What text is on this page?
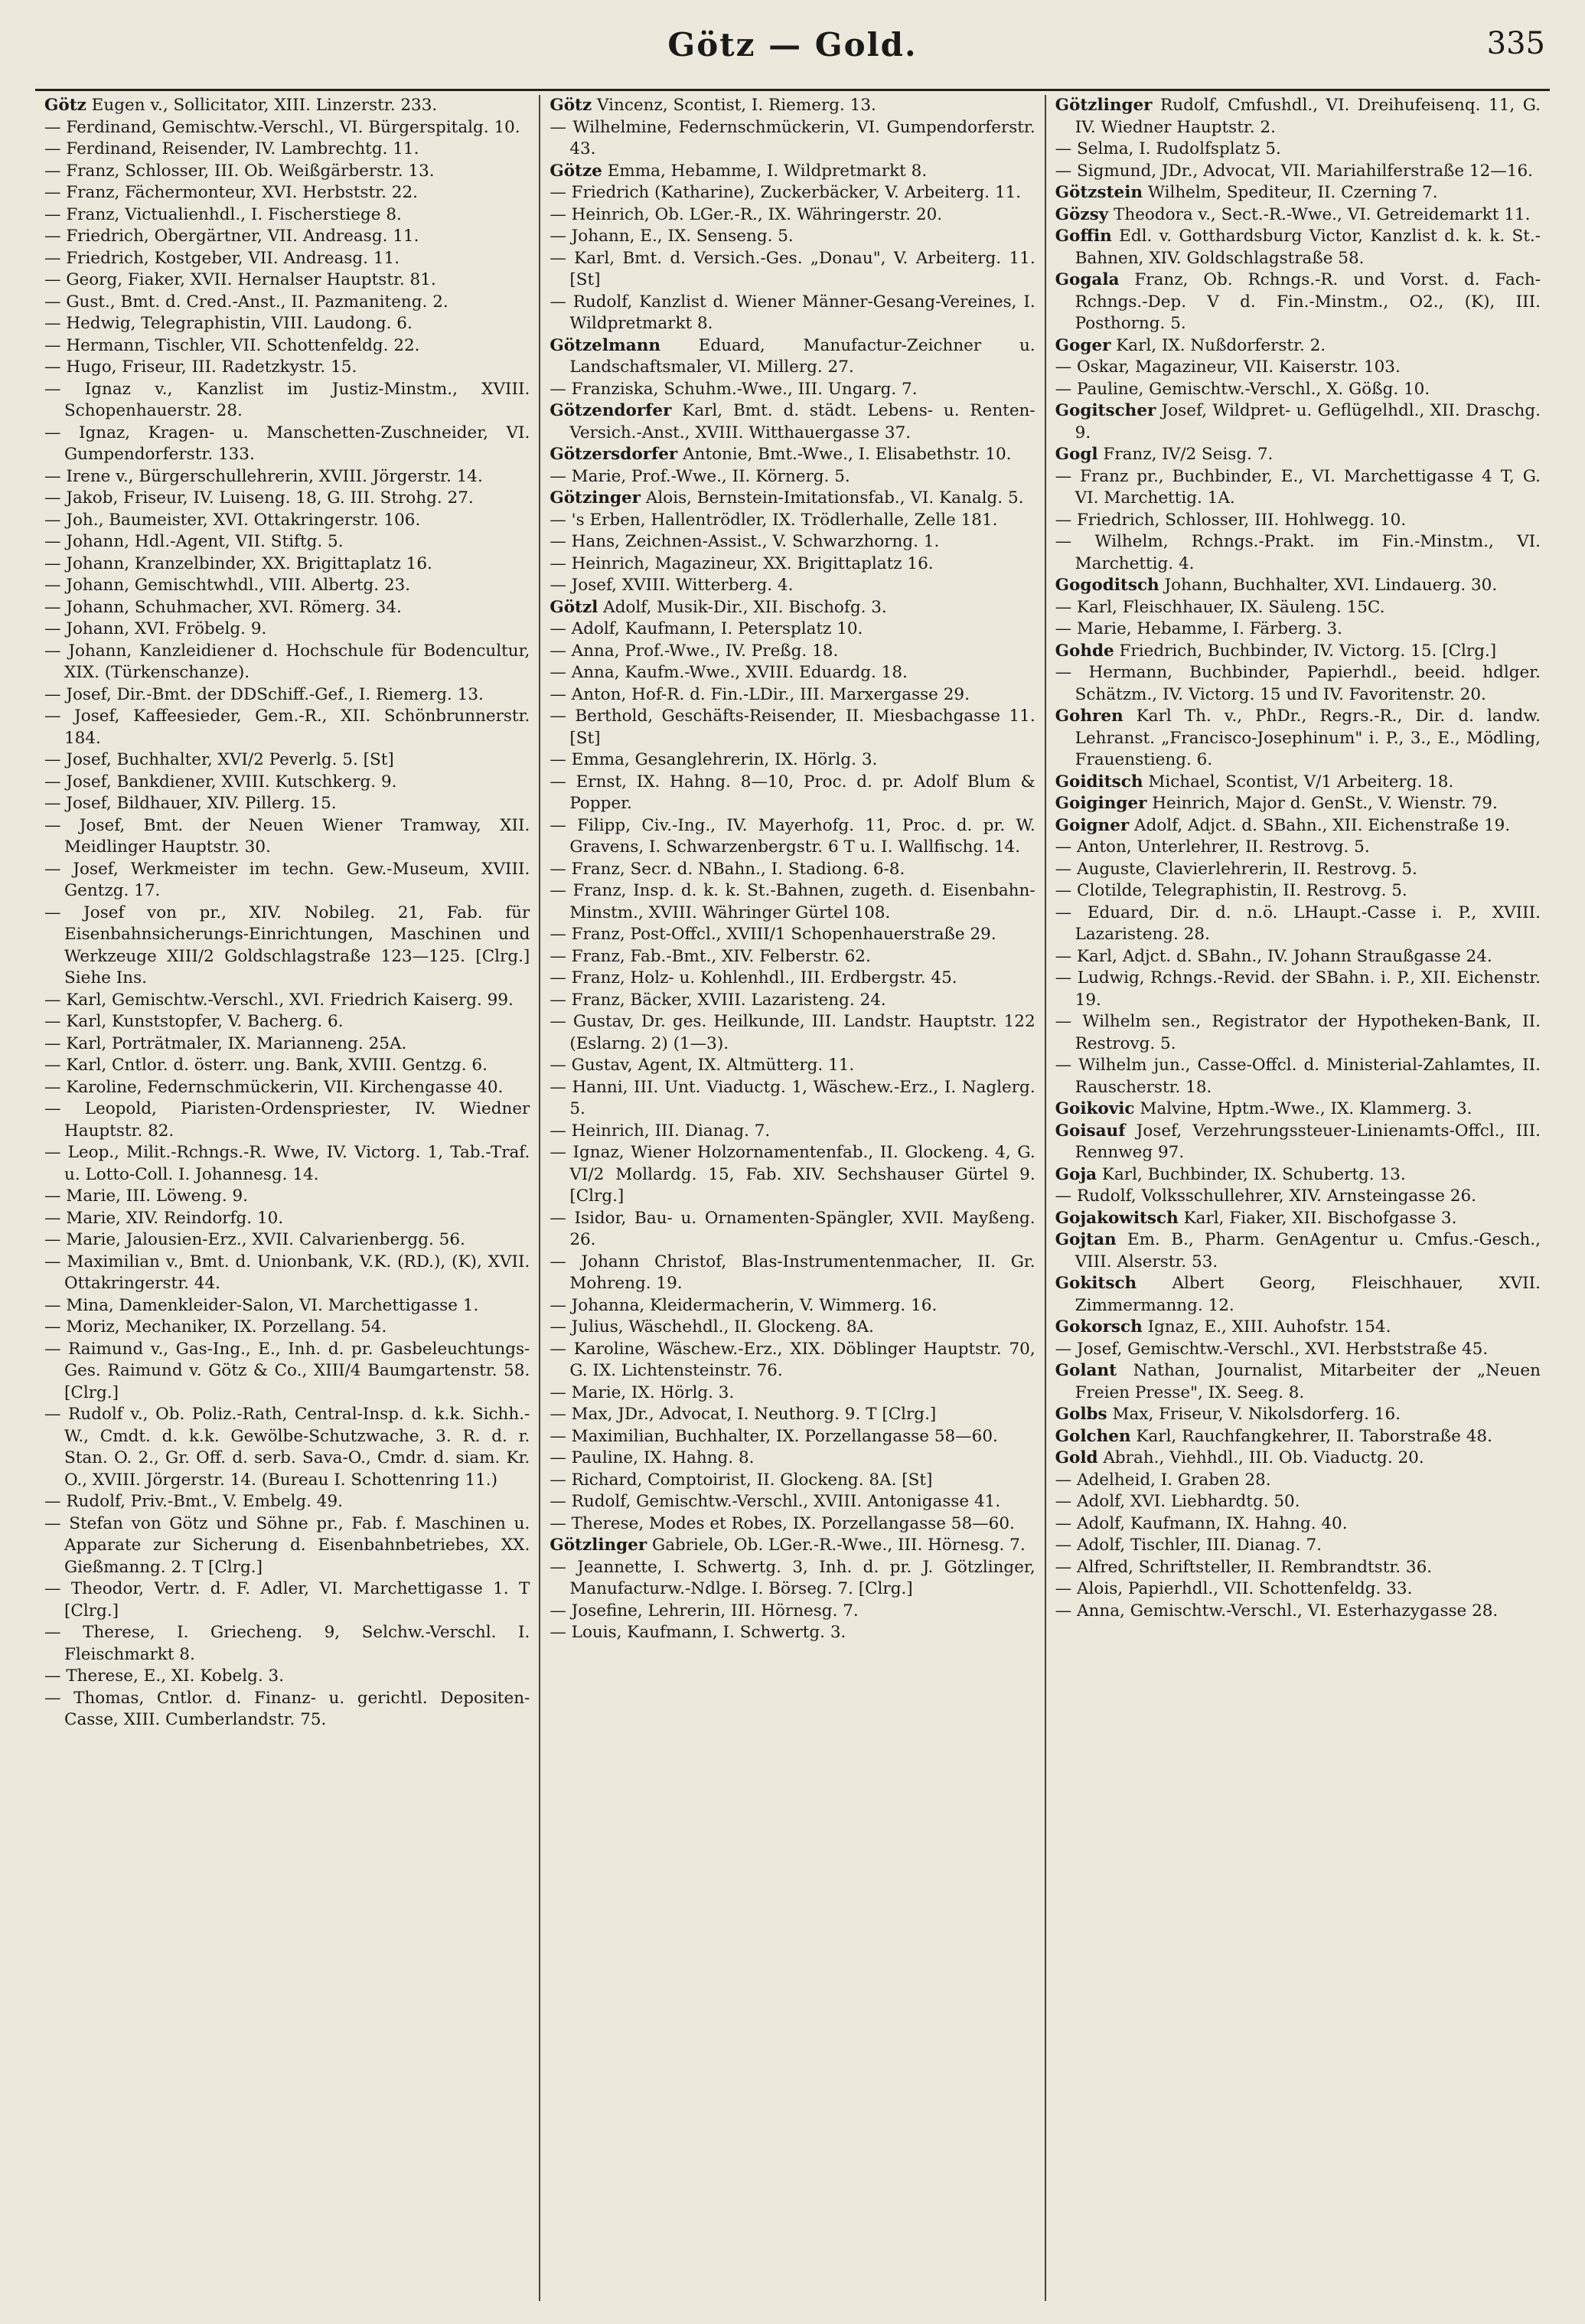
Götz — Gold.	335
Götz Eugen v., Sollicitator, XIII. Linzerstr. 233.
— Ferdinand, Gemischtw.-Verschl., VI. Bürgerspitalg. 10.
— Ferdinand, Reisender, IV. Lambrechtg. 11.
— Franz, Schlosser, III. Ob. Weißgärberstr. 13.
— Franz, Fächermonteur, XVI. Herbststr. 22.
— Franz, Victualienhdl., I. Fischerstiege 8.
— Friedrich, Obergärtner, VII. Andreasg. 11.
— Friedrich, Kostgeber, VII. Andreasg. 11.
— Georg, Fiaker, XVII. Hernalser Hauptstr. 81.
— Gust., Bmt. d. Cred.-Anst., II. Pazmaniteng. 2.
— Hedwig, Telegraphistin, VIII. Laudong. 6.
— Hermann, Tischler, VII. Schottenfeldg. 22.
— Hugo, Friseur, III. Radetzkystr. 15.
— Ignaz v., Kanzlist im Justiz-Minstm., XVIII. Schopenhauerstr. 28.
— Ignaz, Kragen- u. Manschetten-Zuschneider, VI. Gumpendorferstr. 133.
— Irene v., Bürgerschullehrerin, XVIII. Jörgerstr. 14.
— Jakob, Friseur, IV. Luiseng. 18, G. III. Strohg. 27.
— Joh., Baumeister, XVI. Ottakringerstr. 106.
— Johann, Hdl.-Agent, VII. Stiftg. 5.
— Johann, Kranzelbinder, XX. Brigittaplatz 16.
— Johann, Gemischtwhdl., VIII. Albertg. 23.
— Johann, Schuhmacher, XVI. Römerg. 34.
— Johann, XVI. Fröbelg. 9.
— Johann, Kanzleidiener d. Hochschule für Bodencultur, XIX. (Türkenschanze).
— Josef, Dir.-Bmt. der DDSchiff.-Gef., I. Riemerg. 13.
— Josef, Kaffeesieder, Gem.-R., XII. Schönbrunnerstr. 184.
— Josef, Buchhalter, XVI/2 Peverlg. 5. [St]
— Josef, Bankdiener, XVIII. Kutschkerg. 9.
— Josef, Bildhauer, XIV. Pillerg. 15.
— Josef, Bmt. der Neuen Wiener Tramway, XII. Meidlinger Hauptstr. 30.
— Josef, Werkmeister im techn. Gew.-Museum, XVIII. Gentzg. 17.
— Josef von pr., XIV. Nobileg. 21, Fab. für Eisenbahnsicherungs-Einrichtungen, Maschinen und Werkzeuge XIII/2 Goldschlagstraße 123—125. [Clrg.] Siehe Ins.
— Karl, Gemischtw.-Verschl., XVI. Friedrich Kaiserg. 99.
— Karl, Kunststopfer, V. Bacherg. 6.
— Karl, Porträtmaler, IX. Marianneng. 25A.
— Karl, Cntlor. d. österr. ung. Bank, XVIII. Gentzg. 6.
— Karoline, Federnschmückerin, VII. Kirchengasse 40.
— Leopold, Piaristen-Ordenspriester, IV. Wiedner Hauptstr. 82.
— Leop., Milit.-Rchngs.-R. Wwe, IV. Victorg. 1, Tab.-Traf. u. Lotto-Coll. I. Johannesg. 14.
— Marie, III. Löweng. 9.
— Marie, XIV. Reindorfg. 10.
— Marie, Jalousien-Erz., XVII. Calvarienbergg. 56.
— Maximilian v., Bmt. d. Unionbank, V.K. (RD.), (K), XVII. Ottakringerstr. 44.
— Mina, Damenkleider-Salon, VI. Marchettigasse 1.
— Moriz, Mechaniker, IX. Porzellang. 54.
— Raimund v., Gas-Ing., E., Inh. d. pr. Gasbeleuchtungs-Ges. Raimund v. Götz & Co., XIII/4 Baumgartenstr. 58. [Clrg.]
— Rudolf v., Ob. Poliz.-Rath, Central-Insp. d. k.k. Sichh.-W., Cmdt. d. k.k. Gewölbe-Schutzwache, 3. R. d. r. Stan. O. 2., Gr. Off. d. serb. Sava-O., Cmdr. d. siam. Kr. O., XVIII. Jörgerstr. 14. (Bureau I. Schottenring 11.)
— Rudolf, Priv.-Bmt., V. Embelg. 49.
— Stefan von Götz und Söhne pr., Fab. f. Maschinen u. Apparate zur Sicherung d. Eisenbahnbetriebes, XX. Gießmanng. 2. T [Clrg.]
— Theodor, Vertr. d. F. Adler, VI. Marchettigasse 1. T [Clrg.]
— Therese, I. Griecheng. 9, Selchw.-Verschl. I. Fleischmarkt 8.
— Therese, E., XI. Kobelg. 3.
— Thomas, Cntlor. d. Finanz- u. gerichtl. Depositen-Casse, XIII. Cumberlandstr. 75.
Götz Vincenz, Scontist, I. Riemerg. 13.
— Wilhelmine, Federnschmückerin, VI. Gumpendorferstr. 43.
Götze Emma, Hebamme, I. Wildpretmarkt 8.
— Friedrich (Katharine), Zuckerbäcker, V. Arbeiterg. 11.
— Heinrich, Ob. LGer.-R., IX. Währingerstr. 20.
— Johann, E., IX. Senseng. 5.
— Karl, Bmt. d. Versich.-Ges. „Donau", V. Arbeiterg. 11. [St]
— Rudolf, Kanzlist d. Wiener Männer-Gesang-Vereines, I. Wildpretmarkt 8.
Götzelmann Eduard, Manufactur-Zeichner u. Landschaftsmaler, VI. Millerg. 27.
— Franziska, Schuhm.-Wwe., III. Ungarg. 7.
Götzendorfer Karl, Bmt. d. städt. Lebens- u. Renten-Versich.-Anst., XVIII. Witthauergasse 37.
Götzersdorfer Antonie, Bmt.-Wwe., I. Elisabethstr. 10.
— Marie, Prof.-Wwe., II. Körnerg. 5.
Götzinger Alois, Bernstein-Imitationsfab., VI. Kanalg. 5.
— 's Erben, Hallentrödler, IX. Trödlerhalle, Zelle 181.
— Hans, Zeichnen-Assist., V. Schwarzhorng. 1.
— Heinrich, Magazineur, XX. Brigittaplatz 16.
— Josef, XVIII. Witterberg. 4.
Götzl Adolf, Musik-Dir., XII. Bischofg. 3.
— Adolf, Kaufmann, I. Petersplatz 10.
— Anna, Prof.-Wwe., IV. Preßg. 18.
— Anna, Kaufm.-Wwe., XVIII. Eduardg. 18.
— Anton, Hof-R. d. Fin.-LDir., III. Marxergasse 29.
— Berthold, Geschäfts-Reisender, II. Miesbachgasse 11. [St]
— Emma, Gesanglehrerin, IX. Hörlg. 3.
— Ernst, IX. Hahng. 8—10, Proc. d. pr. Adolf Blum & Popper.
— Filipp, Civ.-Ing., IV. Mayerhofg. 11, Proc. d. pr. W. Gravens, I. Schwarzenbergstr. 6 T u. I. Wallfischg. 14.
— Franz, Secr. d. NBahn., I. Stadiong. 6-8.
— Franz, Insp. d. k. k. St.-Bahnen, zugeth. d. Eisenbahn-Minstm., XVIII. Währinger Gürtel 108.
— Franz, Post-Offcl., XVIII/1 Schopenhauerstraße 29.
— Franz, Fab.-Bmt., XIV. Felberstr. 62.
— Franz, Holz- u. Kohlenhdl., III. Erdbergstr. 45.
— Franz, Bäcker, XVIII. Lazaristeng. 24.
— Gustav, Dr. ges. Heilkunde, III. Landstr. Hauptstr. 122 (Eslarng. 2) (1—3).
— Gustav, Agent, IX. Altmütterg. 11.
— Hanni, III. Unt. Viaductg. 1, Wäschew.-Erz., I. Naglerg. 5.
— Heinrich, III. Dianag. 7.
— Ignaz, Wiener Holzornamentenfab., II. Glockeng. 4, G. VI/2 Mollardg. 15, Fab. XIV. Sechshauser Gürtel 9. [Clrg.]
— Isidor, Bau- u. Ornamenten-Spängler, XVII. Mayßeng. 26.
— Johann Christof, Blas-Instrumentenmacher, II. Gr. Mohreng. 19.
— Johanna, Kleidermacherin, V. Wimmerg. 16.
— Julius, Wäschehdl., II. Glockeng. 8A.
— Karoline, Wäschew.-Erz., XIX. Döblinger Hauptstr. 70, G. IX. Lichtensteinstr. 76.
— Marie, IX. Hörlg. 3.
— Max, JDr., Advocat, I. Neuthorg. 9. T [Clrg.]
— Maximilian, Buchhalter, IX. Porzellangasse 58—60.
— Pauline, IX. Hahng. 8.
— Richard, Comptoirist, II. Glockeng. 8A. [St]
— Rudolf, Gemischtw.-Verschl., XVIII. Antonigasse 41.
— Therese, Modes et Robes, IX. Porzellangasse 58—60.
Götzlinger Gabriele, Ob. LGer.-R.-Wwe., III. Hörnesg. 7.
— Jeannette, I. Schwertg. 3, Inh. d. pr. J. Götzlinger, Manufacturw.-Ndlge. I. Börseg. 7. [Clrg.]
— Josefine, Lehrerin, III. Hörnesg. 7.
— Louis, Kaufmann, I. Schwertg. 3.
Götzlinger Rudolf, Cmfushdl., VI. Dreihufeisenq. 11, G. IV. Wiedner Hauptstr. 2.
— Selma, I. Rudolfsplatz 5.
— Sigmund, JDr., Advocat, VII. Mariahilferstraße 12—16.
Götzstein Wilhelm, Spediteur, II. Czerning 7.
Gözsy Theodora v., Sect.-R.-Wwe., VI. Getreidemarkt 11.
Goffin Edl. v. Gotthardsburg Victor, Kanzlist d. k. k. St.-Bahnen, XIV. Goldschlagstraße 58.
Gogala Franz, Ob. Rchngs.-R. und Vorst. d. Fach-Rchngs.-Dep. V d. Fin.-Minstm., O2., (K), III. Posthorng. 5.
Goger Karl, IX. Nußdorferstr. 2.
— Oskar, Magazineur, VII. Kaiserstr. 103.
— Pauline, Gemischtw.-Verschl., X. Gößg. 10.
Gogitscher Josef, Wildpret- u. Geflügelhdl., XII. Draschg. 9.
Gogl Franz, IV/2 Seisg. 7.
— Franz pr., Buchbinder, E., VI. Marchettigasse 4 T, G. VI. Marchettig. 1A.
— Friedrich, Schlosser, III. Hohlwegg. 10.
— Wilhelm, Rchngs.-Prakt. im Fin.-Minstm., VI. Marchettig. 4.
Gogoditsch Johann, Buchhalter, XVI. Lindauerg. 30.
— Karl, Fleischhauer, IX. Säuleng. 15C.
— Marie, Hebamme, I. Färberg. 3.
Gohde Friedrich, Buchbinder, IV. Victorg. 15. [Clrg.]
— Hermann, Buchbinder, Papierhdl., beeid. hdlger. Schätzm., IV. Victorg. 15 und IV. Favoritenstr. 20.
Gohren Karl Th. v., PhDr., Regrs.-R., Dir. d. landw. Lehranst. „Francisco-Josephinum" i. P., 3., E., Mödling, Frauenstieng. 6.
Goiditsch Michael, Scontist, V/1 Arbeiterg. 18.
Goiginger Heinrich, Major d. GenSt., V. Wienstr. 79.
Goigner Adolf, Adjct. d. SBahn., XII. Eichenstraße 19.
— Anton, Unterlehrer, II. Restrovg. 5.
— Auguste, Clavierlehrerin, II. Restrovg. 5.
— Clotilde, Telegraphistin, II. Restrovg. 5.
— Eduard, Dir. d. n.ö. LHaupt.-Casse i. P., XVIII. Lazaristeng. 28.
— Karl, Adjct. d. SBahn., IV. Johann Straußgasse 24.
— Ludwig, Rchngs.-Revid. der SBahn. i. P., XII. Eichenstr. 19.
— Wilhelm sen., Registrator der Hypotheken-Bank, II. Restrovg. 5.
— Wilhelm jun., Casse-Offcl. d. Ministerial-Zahlamtes, II. Rauscherstr. 18.
Goikovic Malvine, Hptm.-Wwe., IX. Klammerg. 3.
Goisauf Josef, Verzehrungssteuer-Linienamts-Offcl., III. Rennweg 97.
Goja Karl, Buchbinder, IX. Schubertg. 13.
— Rudolf, Volksschullehrer, XIV. Arnsteingasse 26.
Gojakowitsch Karl, Fiaker, XII. Bischofgasse 3.
Gojtan Em. B., Pharm. GenAgentur u. Cmfus.-Gesch., VIII. Alserstr. 53.
Gokitsch Albert Georg, Fleischhauer, XVII. Zimmermanng. 12.
Gokorsch Ignaz, E., XIII. Auhofstr. 154.
— Josef, Gemischtw.-Verschl., XVI. Herbststraße 45.
Golant Nathan, Journalist, Mitarbeiter der „Neuen Freien Presse", IX. Seeg. 8.
Golbs Max, Friseur, V. Nikolsdorferg. 16.
Golchen Karl, Rauchfangkehrer, II. Taborstraße 48.
Gold Abrah., Viehhdl., III. Ob. Viaductg. 20.
— Adelheid, I. Graben 28.
— Adolf, XVI. Liebhardtg. 50.
— Adolf, Kaufmann, IX. Hahng. 40.
— Adolf, Tischler, III. Dianag. 7.
— Alfred, Schriftsteller, II. Rembrandtstr. 36.
— Alois, Papierhdl., VII. Schottenfeldg. 33.
— Anna, Gemischtw.-Verschl., VI. Esterhazygasse 28.
